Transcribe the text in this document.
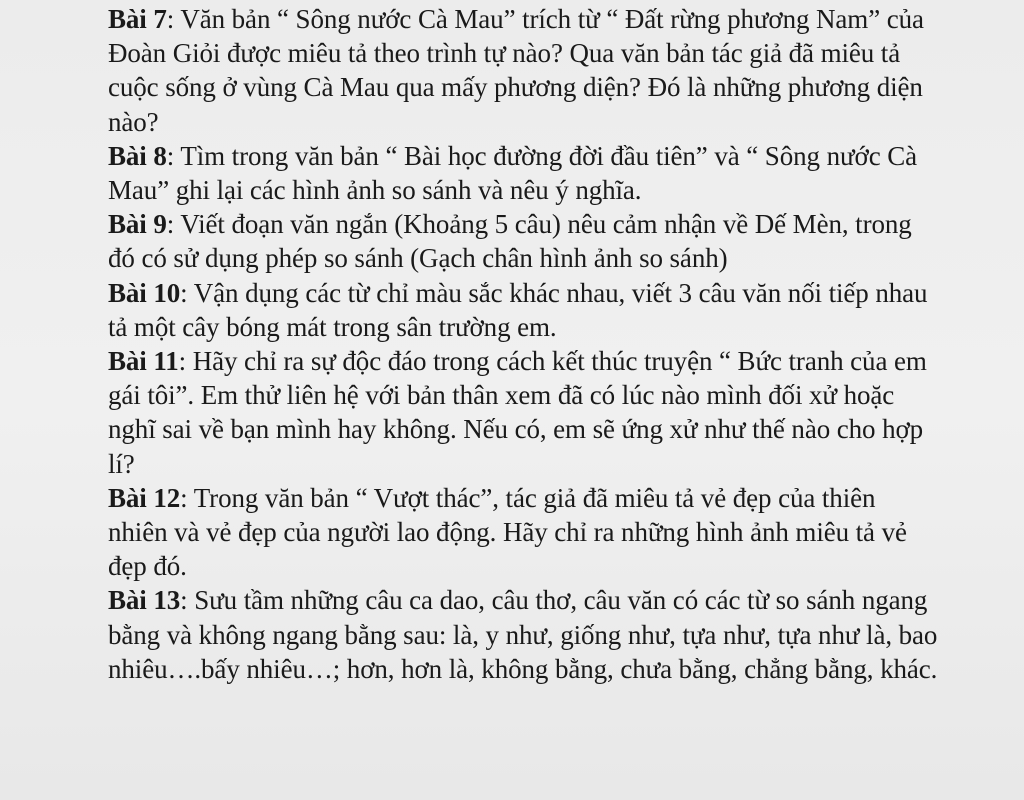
Bài 7: Văn bản “ Sông nước Cà Mau” trích từ “ Đất rừng phương Nam” của Đoàn Giỏi được miêu tả theo trình tự nào? Qua văn bản tác giả đã miêu tả cuộc sống ở vùng Cà Mau qua mấy phương diện? Đó là những phương diện nào?

Bài 8: Tìm trong văn bản “ Bài học đường đời đầu tiên” và “ Sông nước Cà Mau” ghi lại các hình ảnh so sánh và nêu ý nghĩa.

Bài 9: Viết đoạn văn ngắn (Khoảng 5 câu) nêu cảm nhận về Dế Mèn, trong đó có sử dụng phép so sánh (Gạch chân hình ảnh so sánh)

Bài 10: Vận dụng các từ chỉ màu sắc khác nhau, viết 3 câu văn nối tiếp nhau tả một cây bóng mát trong sân trường em.

Bài 11: Hãy chỉ ra sự độc đáo trong cách kết thúc truyện “ Bức tranh của em gái tôi”. Em thử liên hệ với bản thân xem đã có lúc nào mình đối xử hoặc nghĩ sai về bạn mình hay không. Nếu có, em sẽ ứng xử như thế nào cho hợp lí?

Bài 12: Trong văn bản “ Vượt thác”, tác giả đã miêu tả vẻ đẹp của thiên nhiên và vẻ đẹp của người lao động. Hãy chỉ ra những hình ảnh miêu tả vẻ đẹp đó.

Bài 13: Sưu tầm những câu ca dao, câu thơ, câu văn có các từ so sánh ngang bằng và không ngang bằng sau: là, y như, giống như, tựa như, tựa như là, bao nhiêu….bấy nhiêu…; hơn, hơn là, không bằng, chưa bằng, chẳng bằng, khác.
